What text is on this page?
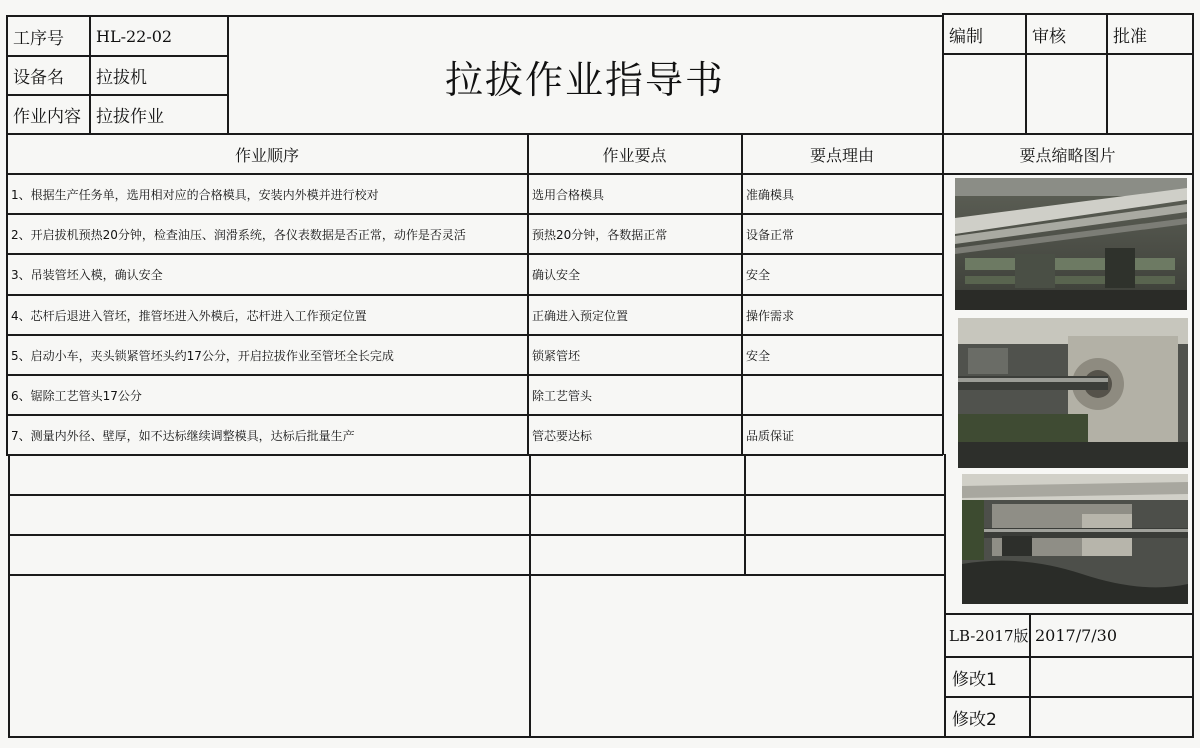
工序号	HL-22-02
设备名	拉拔机
作业内容 拉拔作业
拉拔作业指导书
编制	审核	批准
作业顺序	作业要点	要点理由	要点缩略图片
1、根据生产任务单，选用相对应的合格模具，安装内外模并进行校对	选用合格模具	准确模具
2、开启拔机预热20分钟，检查油压、润滑系统，各仪表数据是否正常，动作是否灵活	预热20分钟，各数据正常	设备正常
3、吊装管坯入模，确认安全	确认安全	安全
4、芯杆后退进入管坯，推管坯进入外模后，芯杆进入工作预定位置	正确进入预定位置	操作需求
5、启动小车，夹头锁紧管坯头约17公分，开启拉拔作业至管坯全长完成	锁紧管坯	安全
6、锯除工艺管头17公分	除工艺管头
7、测量内外径、壁厚，如不达标继续调整模具，达标后批量生产	管芯要达标	品质保证
LB-2017版 2017/7/30
修改1
修改2
